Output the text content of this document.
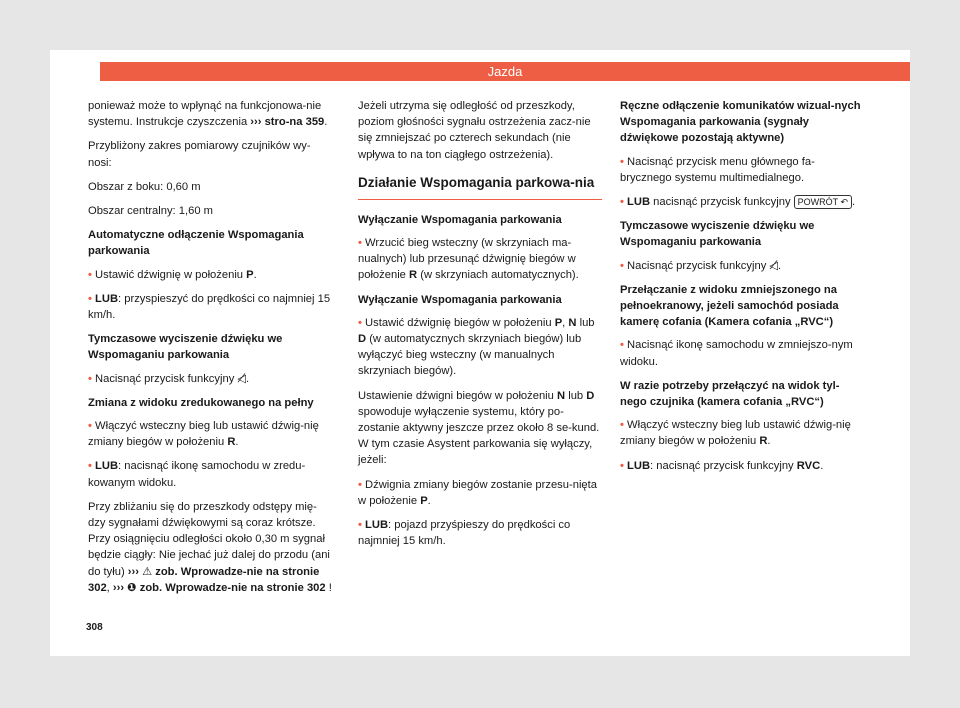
Jazda

ponieważ może to wpłynąć na funkcjonowa-nie systemu. Instrukcje czyszczenia ››› stro-na 359.

Przybliżony zakres pomiarowy czujników wy-nosi:

Obszar z boku: 0,60 m

Obszar centralny: 1,60 m

Automatyczne odłączenie Wspomagania parkowania

• Ustawić dźwignię w położeniu P.

• LUB: przyspieszyć do prędkości co najmniej 15 km/h.

Tymczasowe wyciszenie dźwięku we Wspomaganiu parkowania

• Nacisnąć przycisk funkcyjny ◁̸.

Zmiana z widoku zredukowanego na pełny

• Włączyć wsteczny bieg lub ustawić dźwig-nię zmiany biegów w położeniu R.

• LUB: nacisnąć ikonę samochodu w zredu-kowanym widoku.

Przy zbliżaniu się do przeszkody odstępy mię-dzy sygnałami dźwiękowymi są coraz krótsze. Przy osiągnięciu odległości około 0,30 m sygnał będzie ciągły: Nie jechać już dalej do przodu (ani do tyłu) ››› ⚠ zob. Wprowadze-nie na stronie 302, ››› ❶ zob. Wprowadze-nie na stronie 302 !

Jeżeli utrzyma się odległość od przeszkody, poziom głośności sygnału ostrzeżenia zacz-nie się zmniejszać po czterech sekundach (nie wpływa to na ton ciągłego ostrzeżenia).

Działanie Wspomagania parkowa-nia
Wyłączanie Wspomagania parkowania

• Wrzucić bieg wsteczny (w skrzyniach ma-nualnych) lub przesunąć dźwignię biegów w położenie R (w skrzyniach automatycznych).

Wyłączanie Wspomagania parkowania

• Ustawić dźwignię biegów w położeniu P, N lub D (w automatycznych skrzyniach biegów) lub wyłączyć bieg wsteczny (w manualnych skrzyniach biegów).

Ustawienie dźwigni biegów w położeniu N lub D spowoduje wyłączenie systemu, który po-zostanie aktywny jeszcze przez około 8 se-kund. W tym czasie Asystent parkowania się wyłączy, jeżeli:

• Dźwignia zmiany biegów zostanie przesu-nięta w położenie P.

• LUB: pojazd przyśpieszy do prędkości co najmniej 15 km/h.

Ręczne odłączenie komunikatów wizual-nych Wspomagania parkowania (sygnały dźwiękowe pozostają aktywne)

• Nacisnąć przycisk menu głównego fa-brycznego systemu multimedialnego.

• LUB nacisnąć przycisk funkcyjny POWRÓT ↶ .

Tymczasowe wyciszenie dźwięku we Wspomaganiu parkowania

• Nacisnąć przycisk funkcyjny ◁̸.

Przełączanie z widoku zmniejszonego na pełnoekranowy, jeżeli samochód posiada kamerę cofania (Kamera cofania „RVC“)

• Nacisnąć ikonę samochodu w zmniejszo-nym widoku.

W razie potrzeby przełączyć na widok tyl-nego czujnika (kamera cofania „RVC“)

• Włączyć wsteczny bieg lub ustawić dźwig-nię zmiany biegów w położeniu R.

• LUB: nacisnąć przycisk funkcyjny RVC.

308
